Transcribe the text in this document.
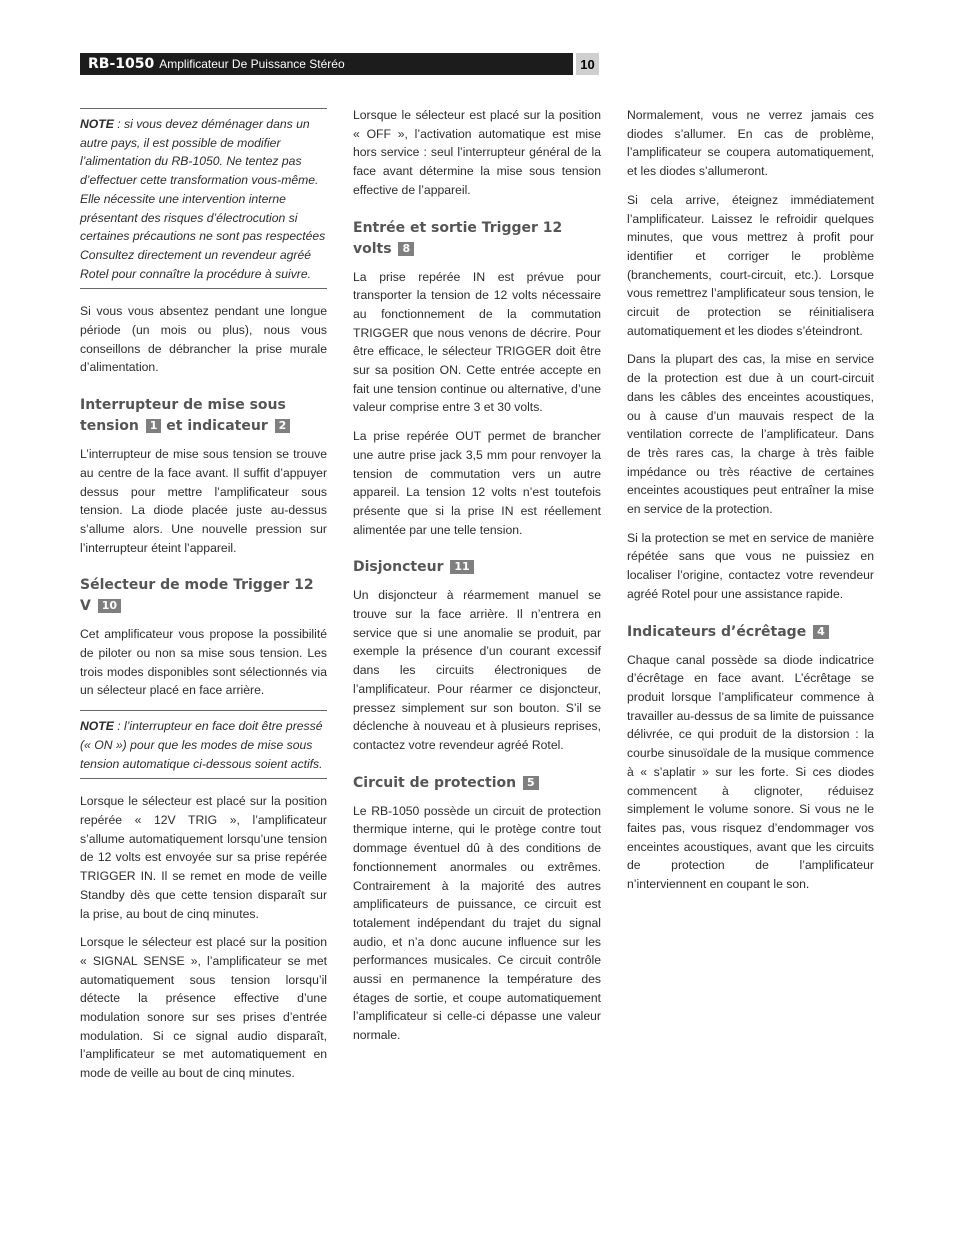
RB-1050 Amplificateur De Puissance Stéréo	10

NOTE : si vous devez déménager dans un autre pays, il est possible de modifier l’alimentation du RB-1050. Ne tentez pas d’effectuer cette transformation vous-même. Elle nécessite une intervention interne présentant des risques d’électrocution si certaines précautions ne sont pas respectées Consultez directement un revendeur agréé Rotel pour connaître la procédure à suivre.

Si vous vous absentez pendant une longue période (un mois ou plus), nous vous conseillons de débrancher la prise murale d’alimentation.

Interrupteur de mise sous tension 1 et indicateur 2

L’interrupteur de mise sous tension se trouve au centre de la face avant. Il suffit d’appuyer dessus pour mettre l’amplificateur sous tension. La diode placée juste au-dessus s’allume alors. Une nouvelle pression sur l’interrupteur éteint l’appareil.

Sélecteur de mode Trigger 12 V 10

Cet amplificateur vous propose la possibilité de piloter ou non sa mise sous tension. Les trois modes disponibles sont sélectionnés via un sélecteur placé en face arrière.

NOTE : l’interrupteur en face doit être pressé (« ON ») pour que les modes de mise sous tension automatique ci-dessous soient actifs.

Lorsque le sélecteur est placé sur la position repérée « 12V TRIG », l’amplificateur s’allume automatiquement lorsqu’une tension de 12 volts est envoyée sur sa prise repérée TRIGGER IN. Il se remet en mode de veille Standby dès que cette tension disparaît sur la prise, au bout de cinq minutes.

Lorsque le sélecteur est placé sur la position « SIGNAL SENSE », l’amplificateur se met automatiquement sous tension lorsqu’il détecte la présence effective d’une modulation sonore sur ses prises d’entrée modulation. Si ce signal audio disparaît, l’amplificateur se met automatiquement en mode de veille au bout de cinq minutes.

Lorsque le sélecteur est placé sur la position « OFF », l’activation automatique est mise hors service : seul l’interrupteur général de la face avant détermine la mise sous tension effective de l’appareil.

Entrée et sortie Trigger 12 volts 8

La prise repérée IN est prévue pour transporter la tension de 12 volts nécessaire au fonctionnement de la commutation TRIGGER que nous venons de décrire. Pour être efficace, le sélecteur TRIGGER doit être sur sa position ON. Cette entrée accepte en fait une tension continue ou alternative, d’une valeur comprise entre 3 et 30 volts.

La prise repérée OUT permet de brancher une autre prise jack 3,5 mm pour renvoyer la tension de commutation vers un autre appareil. La tension 12 volts n’est toutefois présente que si la prise IN est réellement alimentée par une telle tension.

Disjoncteur 11

Un disjoncteur à réarmement manuel se trouve sur la face arrière. Il n’entrera en service que si une anomalie se produit, par exemple la présence d’un courant excessif dans les circuits électroniques de l’amplificateur. Pour réarmer ce disjoncteur, pressez simplement sur son bouton. S’il se déclenche à nouveau et à plusieurs reprises, contactez votre revendeur agréé Rotel.

Circuit de protection 5

Le RB-1050 possède un circuit de protection thermique interne, qui le protège contre tout dommage éventuel dû à des conditions de fonctionnement anormales ou extrêmes. Contrairement à la majorité des autres amplificateurs de puissance, ce circuit est totalement indépendant du trajet du signal audio, et n’a donc aucune influence sur les performances musicales. Ce circuit contrôle aussi en permanence la température des étages de sortie, et coupe automatiquement l’amplificateur si celle-ci dépasse une valeur normale.

Normalement, vous ne verrez jamais ces diodes s’allumer. En cas de problème, l’amplificateur se coupera automatiquement, et les diodes s’allumeront.

Si cela arrive, éteignez immédiatement l’amplificateur. Laissez le refroidir quelques minutes, que vous mettrez à profit pour identifier et corriger le problème (branchements, court-circuit, etc.). Lorsque vous remettrez l’amplificateur sous tension, le circuit de protection se réinitialisera automatiquement et les diodes s’éteindront.

Dans la plupart des cas, la mise en service de la protection est due à un court-circuit dans les câbles des enceintes acoustiques, ou à cause d’un mauvais respect de la ventilation correcte de l’amplificateur. Dans de très rares cas, la charge à très faible impédance ou très réactive de certaines enceintes acoustiques peut entraîner la mise en service de la protection.

Si la protection se met en service de manière répétée sans que vous ne puissiez en localiser l’origine, contactez votre revendeur agréé Rotel pour une assistance rapide.

Indicateurs d’écrêtage 4

Chaque canal possède sa diode indicatrice d’écrêtage en face avant. L’écrêtage se produit lorsque l’amplificateur commence à travailler au-dessus de sa limite de puissance délivrée, ce qui produit de la distorsion : la courbe sinusoïdale de la musique commence à « s’aplatir » sur les forte. Si ces diodes commencent à clignoter, réduisez simplement le volume sonore. Si vous ne le faites pas, vous risquez d’endommager vos enceintes acoustiques, avant que les circuits de protection de l’amplificateur n’interviennent en coupant le son.
